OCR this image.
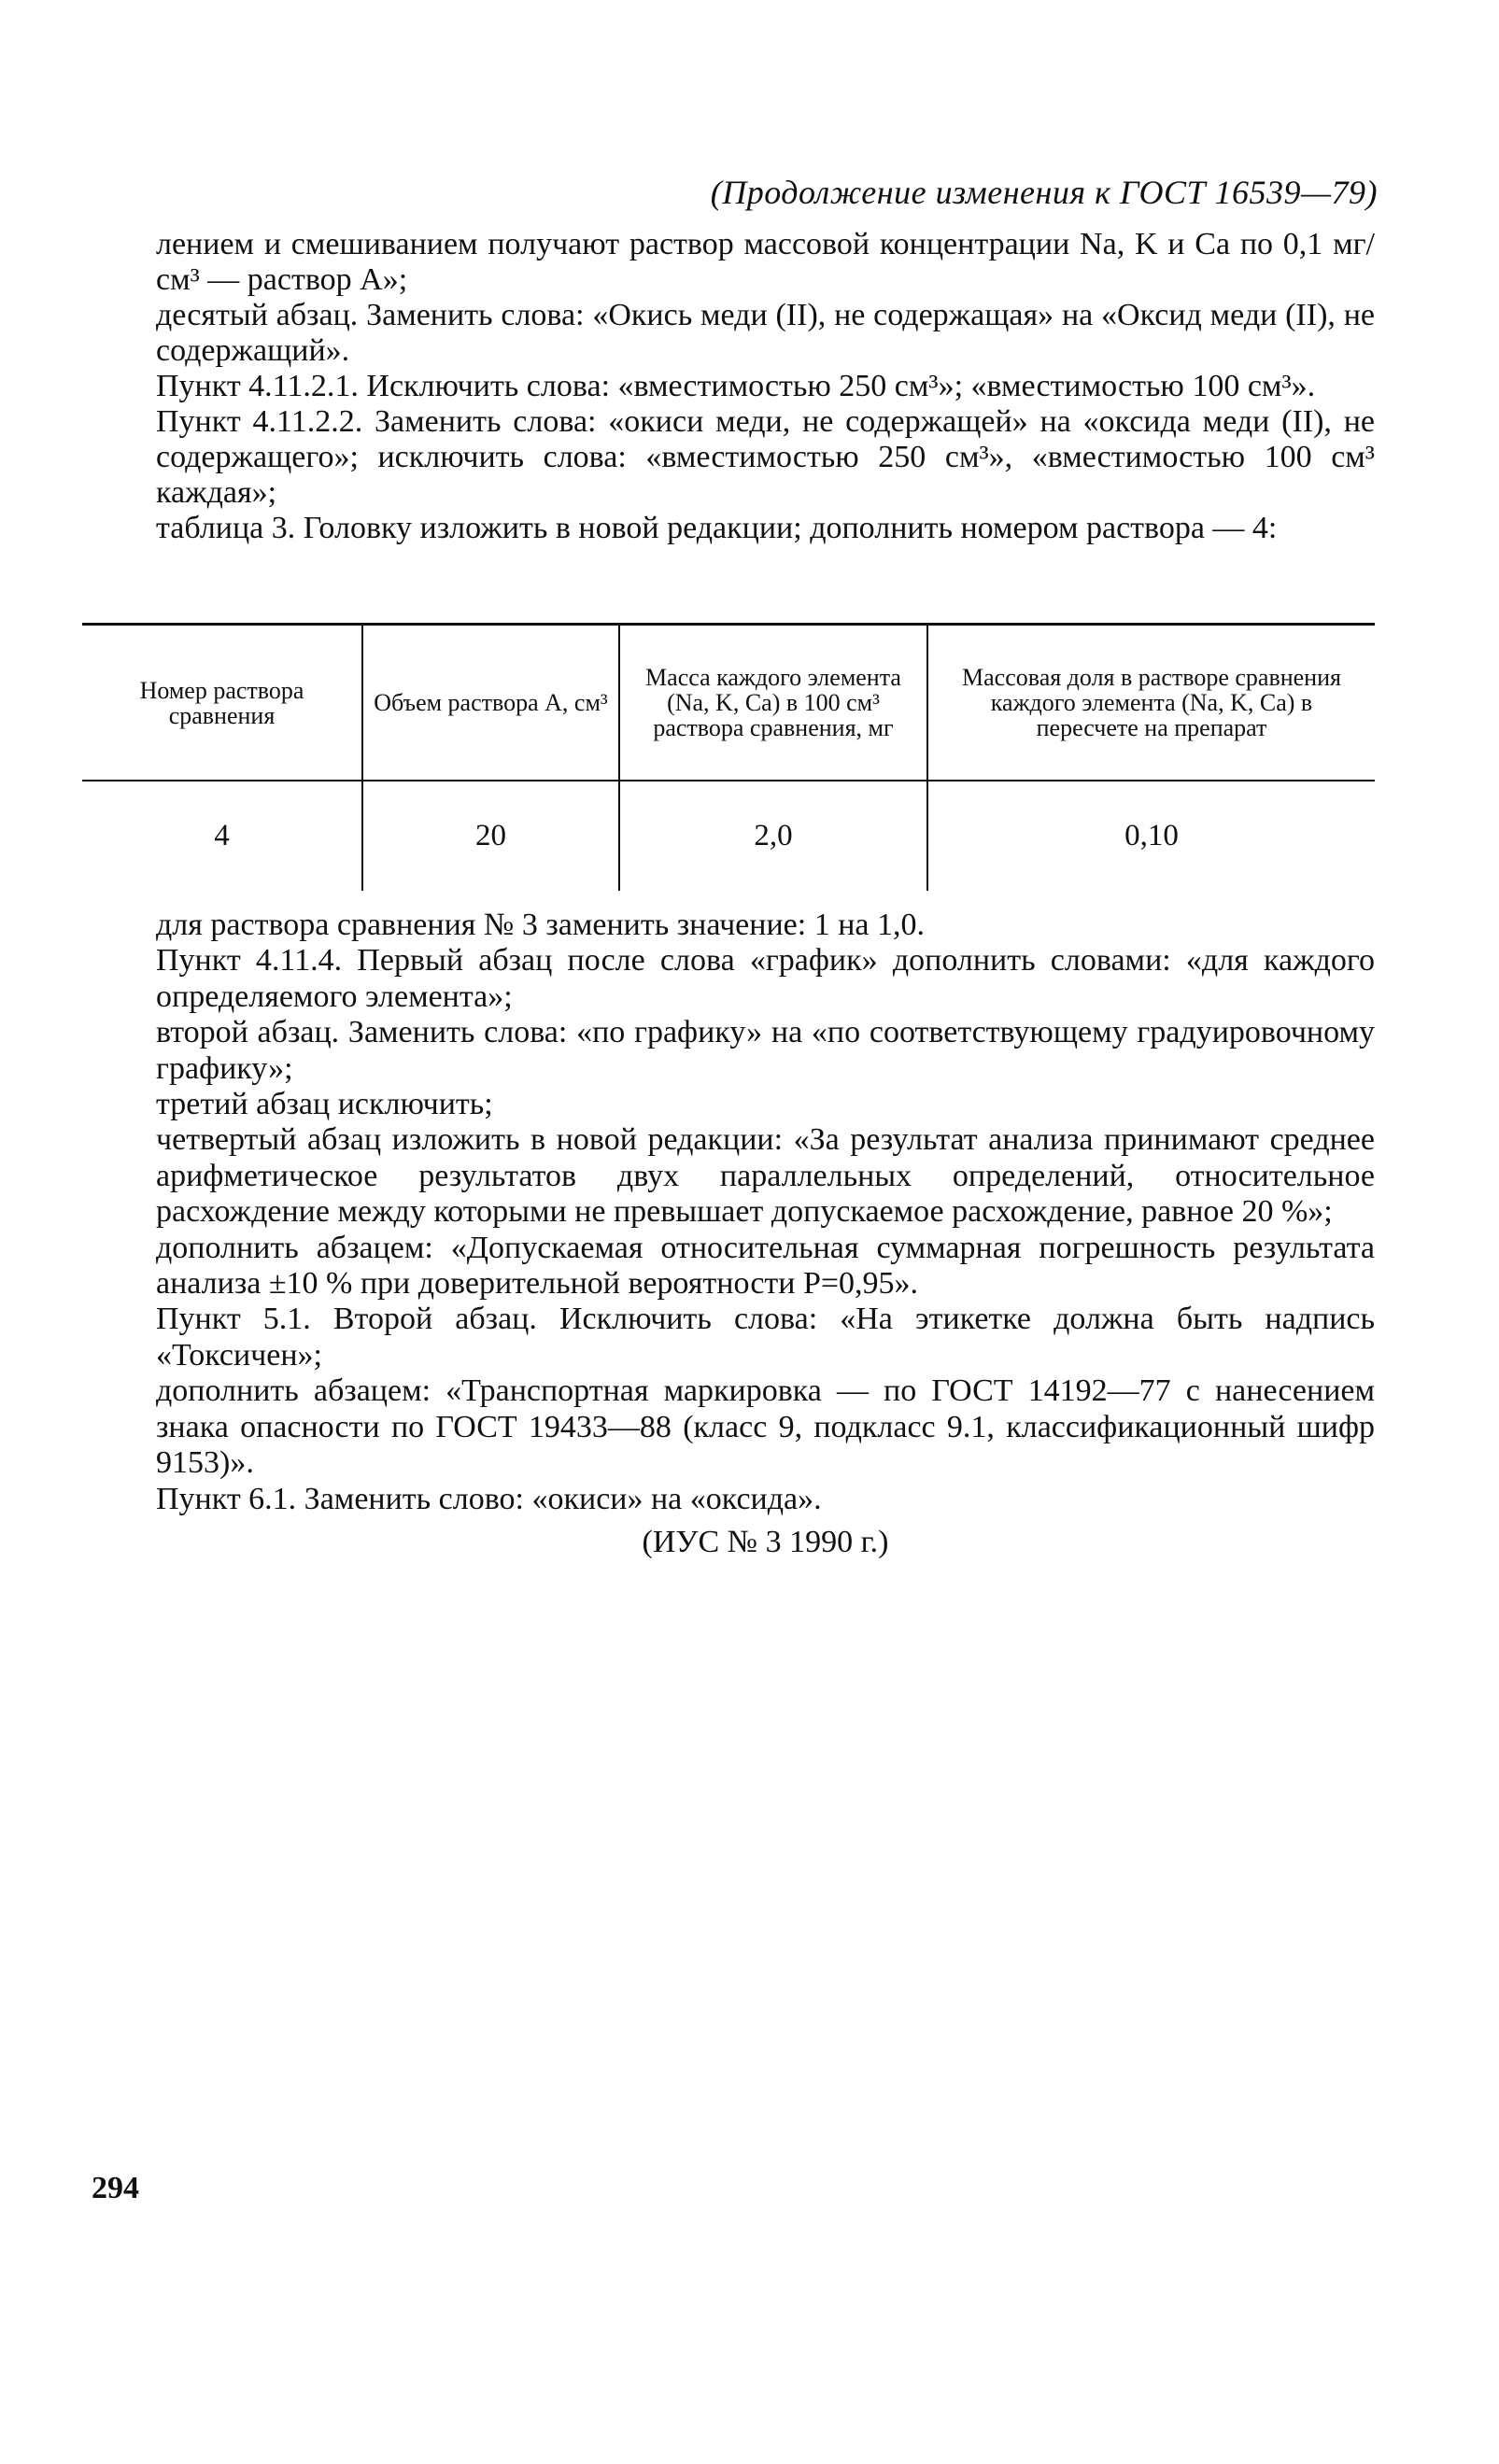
(Продолжение изменения к ГОСТ 16539—79)

лением и смешиванием получают раствор массовой концентрации Na, K и Ca по 0,1 мг/см³ — раствор А»;

десятый абзац. Заменить слова: «Окись меди (II), не содержащая» на «Оксид меди (II), не содержащий».

Пункт 4.11.2.1. Исключить слова: «вместимостью 250 см³»; «вместимостью 100 см³».

Пункт 4.11.2.2. Заменить слова: «окиси меди, не содержащей» на «оксида меди (II), не содержащего»; исключить слова: «вместимостью 250 см³», «вместимостью 100 см³ каждая»;

таблица 3. Головку изложить в новой редакции; дополнить номером раствора — 4:

Номер раствора сравнения	Объем раствора А, см³	Масса каждого элемента (Na, K, Ca) в 100 см³ раствора сравнения, мг	Массовая доля в растворе сравнения каждого элемента (Na, K, Ca) в пересчете на препарат
4	20	2,0	0,10

для раствора сравнения № 3 заменить значение: 1 на 1,0.

Пункт 4.11.4. Первый абзац после слова «график» дополнить словами: «для каждого определяемого элемента»;

второй абзац. Заменить слова: «по графику» на «по соответствующему градуировочному графику»;

третий абзац исключить;

четвертый абзац изложить в новой редакции: «За результат анализа принимают среднее арифметическое результатов двух параллельных определений, относительное расхождение между которыми не превышает допускаемое расхождение, равное 20 %»;

дополнить абзацем: «Допускаемая относительная суммарная погрешность результата анализа ±10 % при доверительной вероятности P=0,95».

Пункт 5.1. Второй абзац. Исключить слова: «На этикетке должна быть надпись «Токсичен»;

дополнить абзацем: «Транспортная маркировка — по ГОСТ 14192—77 с нанесением знака опасности по ГОСТ 19433—88 (класс 9, подкласс 9.1, классификационный шифр 9153)».

Пункт 6.1. Заменить слово: «окиси» на «оксида».

(ИУС № 3 1990 г.)

294
